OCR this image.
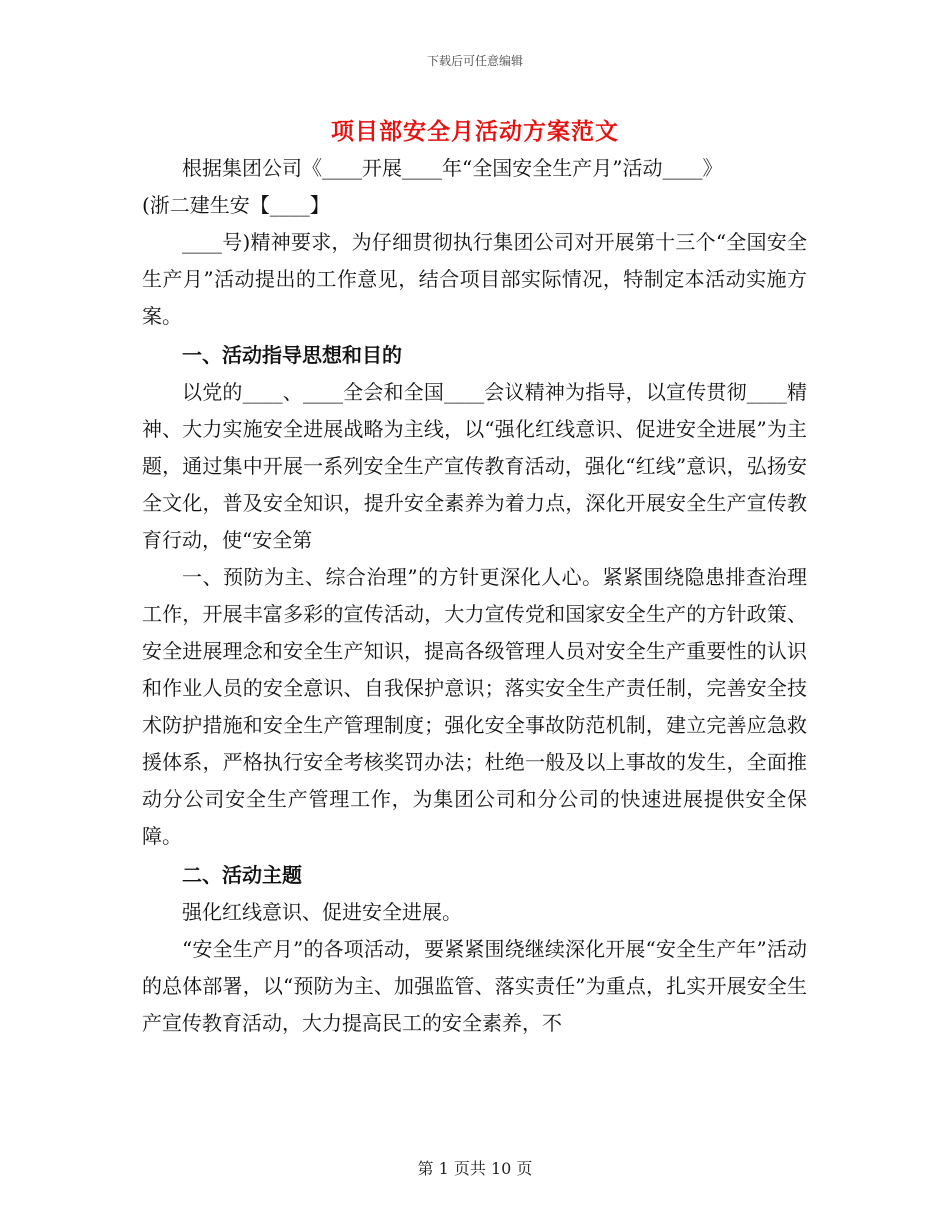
下载后可任意编辑
项目部安全月活动方案范文

根据集团公司《____开展____年“全国安全生产月”活动____》

(浙二建生安【____】

____号)精神要求，为仔细贯彻执行集团公司对开展第十三个“全国安全生产月”活动提出的工作意见，结合项目部实际情况，特制定本活动实施方案。

一、活动指导思想和目的

以党的____、____全会和全国____会议精神为指导，以宣传贯彻____精神、大力实施安全进展战略为主线，以“强化红线意识、促进安全进展”为主题，通过集中开展一系列安全生产宣传教育活动，强化“红线”意识，弘扬安全文化，普及安全知识，提升安全素养为着力点，深化开展安全生产宣传教育行动，使“安全第

一、预防为主、综合治理”的方针更深化人心。紧紧围绕隐患排查治理工作，开展丰富多彩的宣传活动，大力宣传党和国家安全生产的方针政策、安全进展理念和安全生产知识，提高各级管理人员对安全生产重要性的认识和作业人员的安全意识、自我保护意识；落实安全生产责任制，完善安全技术防护措施和安全生产管理制度；强化安全事故防范机制，建立完善应急救援体系，严格执行安全考核奖罚办法；杜绝一般及以上事故的发生，全面推动分公司安全生产管理工作，为集团公司和分公司的快速进展提供安全保障。

二、活动主题

强化红线意识、促进安全进展。

“安全生产月”的各项活动，要紧紧围绕继续深化开展“安全生产年”活动的总体部署，以“预防为主、加强监管、落实责任”为重点，扎实开展安全生产宣传教育活动，大力提高民工的安全素养，不

第 1 页共 10 页
